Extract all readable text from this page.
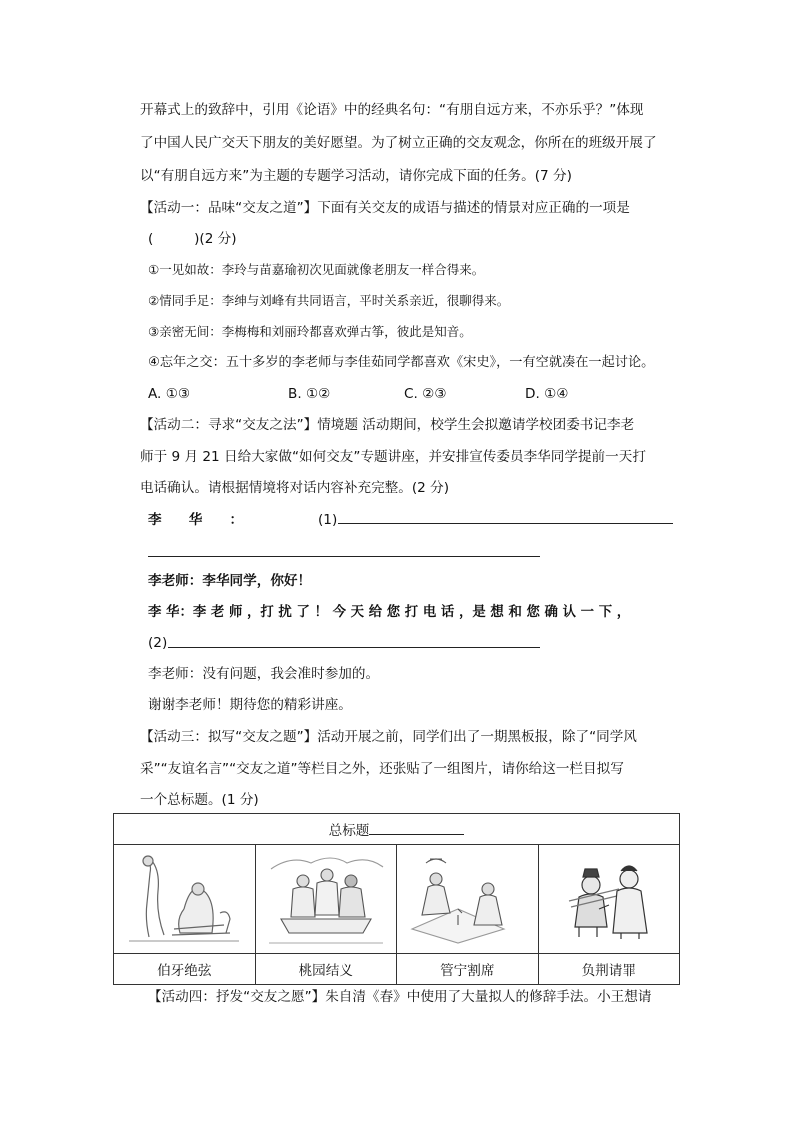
开幕式上的致辞中，引用《论语》中的经典名句：“有朋自远方来，不亦乐乎？”体现
了中国人民广交天下朋友的美好愿望。为了树立正确的交友观念，你所在的班级开展了
以“有朋自远方来”为主题的专题学习活动，请你完成下面的任务。(7 分)
【活动一：品味“交友之道”】下面有关交友的成语与描述的情景对应正确的一项是
(　　　)(2 分)
①一见如故：李玲与苗嘉瑜初次见面就像老朋友一样合得来。
②情同手足：李绅与刘峰有共同语言，平时关系亲近，很聊得来。
③亲密无间：李梅梅和刘丽玲都喜欢弹古筝，彼此是知音。
④忘年之交：五十多岁的李老师与李佳茹同学都喜欢《宋史》，一有空就凑在一起讨论。
A. ①③	B. ①②	C. ②③	D. ①④
【活动二：寻求“交友之法”】情境题 活动期间，校学生会拟邀请学校团委书记李老
师于 9 月 21 日给大家做“如何交友”专题讲座，并安排宣传委员李华同学提前一天打
电话确认。请根据情境将对话内容补充完整。(2 分)
李　　华　　：	(1)
李老师：李华同学，你好！
李 华：李 老 师 ，打 扰 了 ！ 今 天 给 您 打 电 话 ，是 想 和 您 确 认 一 下 ，
(2)
李老师：没有问题，我会准时参加的。
谢谢李老师！期待您的精彩讲座。
【活动三：拟写“交友之题”】活动开展之前，同学们出了一期黑板报，除了“同学风
采”“友谊名言”“交友之道”等栏目之外，还张贴了一组图片，请你给这一栏目拟写
一个总标题。(1 分)
总标题			

伯牙绝弦	桃园结义	管宁割席	负荆请罪
【活动四：抒发“交友之愿”】朱自清《春》中使用了大量拟人的修辞手法。小王想请
